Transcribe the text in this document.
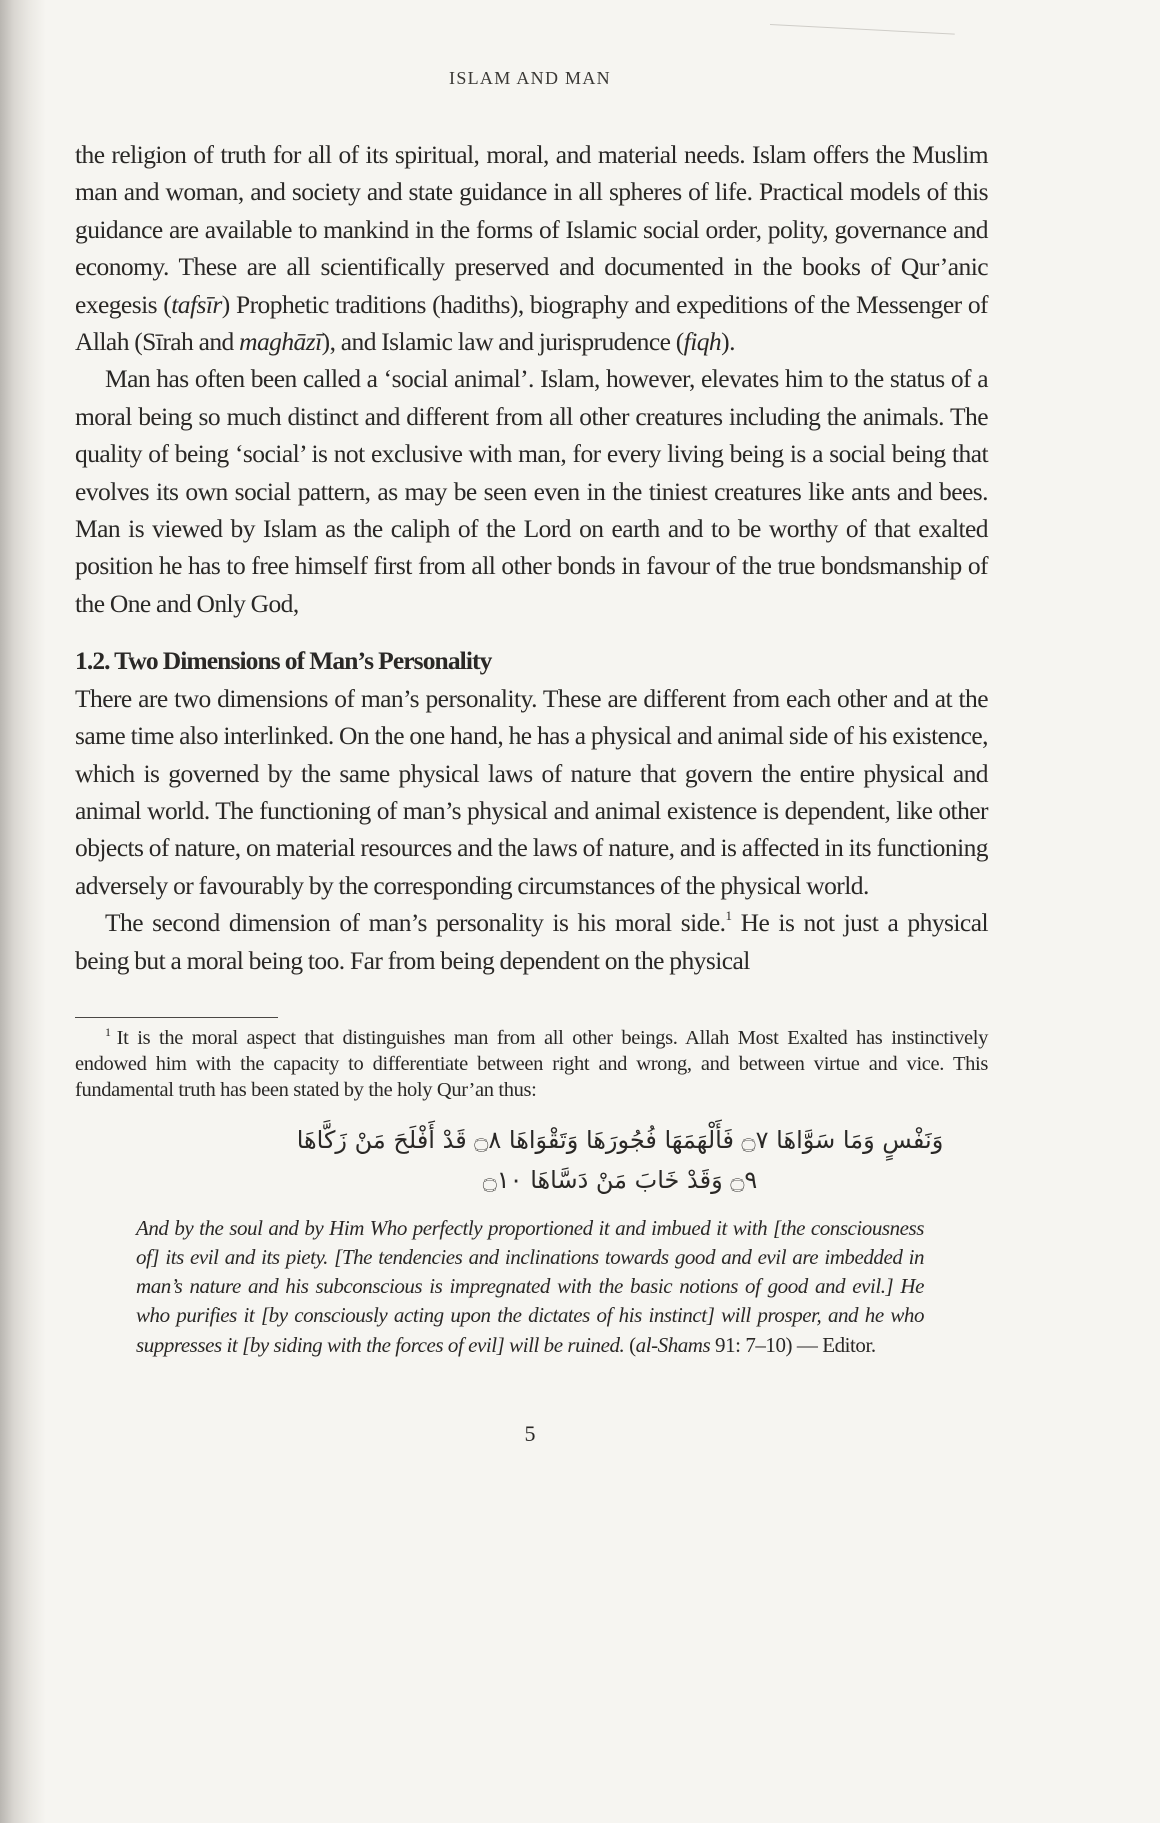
ISLAM AND MAN

the religion of truth for all of its spiritual, moral, and material needs. Islam offers the Muslim man and woman, and society and state guidance in all spheres of life. Practical models of this guidance are available to mankind in the forms of Islamic social order, polity, governance and economy. These are all scientifically preserved and documented in the books of Qur’anic exegesis (tafsīr) Prophetic traditions (hadiths), biography and expeditions of the Messenger of Allah (Sīrah and maghāzī), and Islamic law and jurisprudence (fiqh).

Man has often been called a ‘social animal’. Islam, however, elevates him to the status of a moral being so much distinct and different from all other creatures including the animals. The quality of being ‘social’ is not exclusive with man, for every living being is a social being that evolves its own social pattern, as may be seen even in the tiniest creatures like ants and bees. Man is viewed by Islam as the caliph of the Lord on earth and to be worthy of that exalted position he has to free himself first from all other bonds in favour of the true bondsmanship of the One and Only God,

1.2. Two Dimensions of Man’s Personality

There are two dimensions of man’s personality. These are different from each other and at the same time also interlinked. On the one hand, he has a physical and animal side of his existence, which is governed by the same physical laws of nature that govern the entire physical and animal world. The functioning of man’s physical and animal existence is dependent, like other objects of nature, on material resources and the laws of nature, and is affected in its functioning adversely or favourably by the corresponding circumstances of the physical world.

The second dimension of man’s personality is his moral side.$^1$ He is not just a physical being but a moral being too. Far from being dependent on the physical

$^1$ It is the moral aspect that distinguishes man from all other beings. Allah Most Exalted has instinctively endowed him with the capacity to differentiate between right and wrong, and between virtue and vice. This fundamental truth has been stated by the holy Qur’an thus:
وَنَفْسٍ وَمَا سَوَّاهَا ۝٧ فَأَلْهَمَهَا فُجُورَهَا وَتَقْوَاهَا ۝٨ قَدْ أَفْلَحَ مَنْ زَكَّاهَا ۝٩ وَقَدْ خَابَ مَنْ دَسَّاهَا ۝١٠
And by the soul and by Him Who perfectly proportioned it and imbued it with [the consciousness of] its evil and its piety. [The tendencies and inclinations towards good and evil are imbedded in man’s nature and his subconscious is impregnated with the basic notions of good and evil.] He who purifies it [by consciously acting upon the dictates of his instinct] will prosper, and he who suppresses it [by siding with the forces of evil] will be ruined. (al-Shams 91: 7–10) — Editor.
5
